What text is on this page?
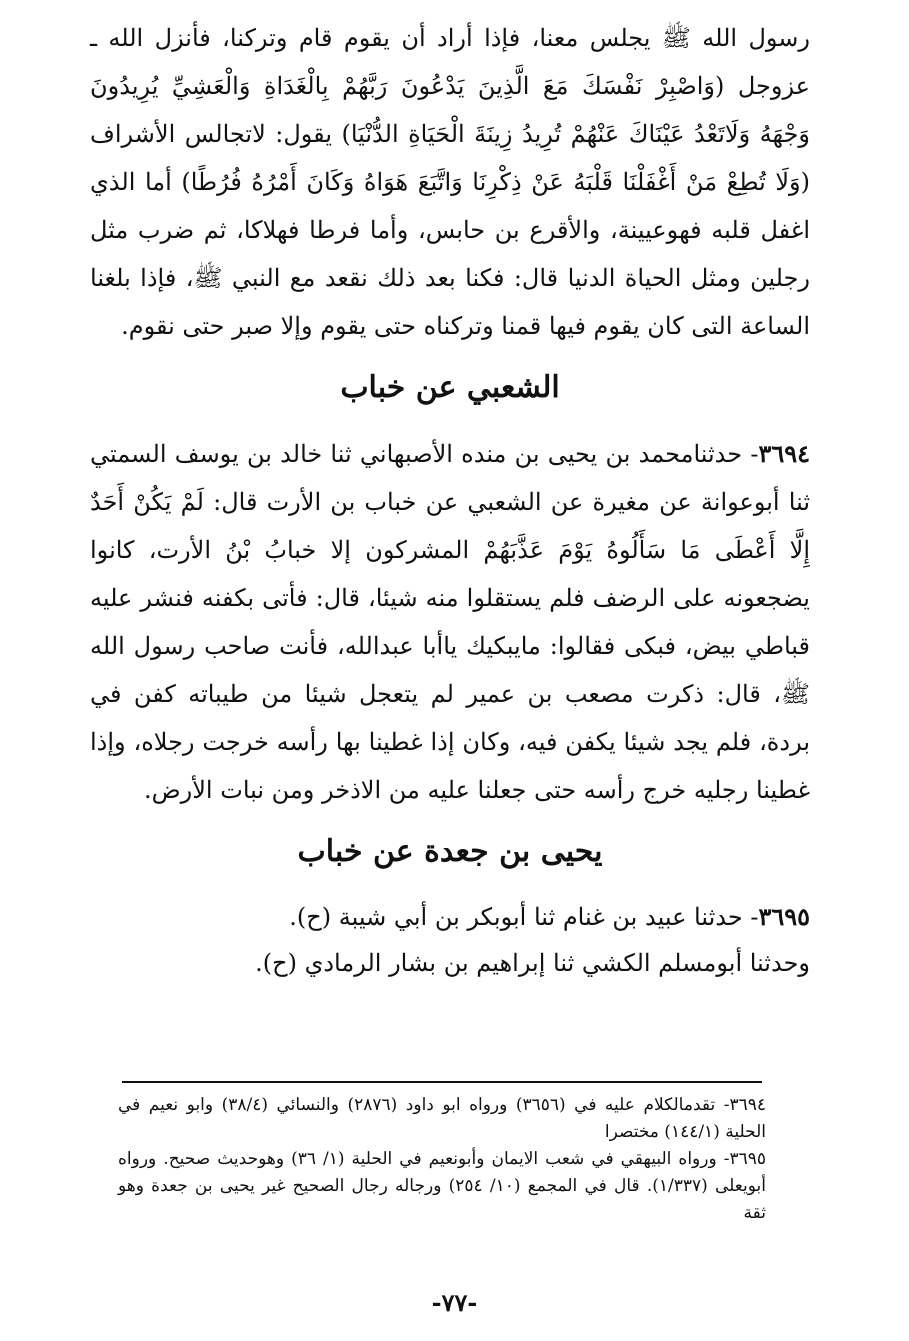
رسول الله ﷺ يجلس معنا، فإذا أراد أن يقوم قام وتركنا، فأنزل الله ـ عزوجل (وَاصْبِرْ نَفْسَكَ مَعَ الَّذِينَ يَدْعُونَ رَبَّهُمْ بِالْغَدَاةِ وَالْعَشِيِّ يُرِيدُونَ وَجْهَهُ وَلَاتَعْدُ عَيْنَاكَ عَنْهُمْ تُرِيدُ زِينَةَ الْحَيَاةِ الدُّنْيَا) يقول: لاتجالس الأشراف (وَلَا تُطِعْ مَنْ أَغْفَلْنَا قَلْبَهُ عَنْ ذِكْرِنَا وَاتَّبَعَ هَوَاهُ وَكَانَ أَمْرُهُ فُرُطًا) أما الذي اغفل قلبه فهوعيينة، والأقرع بن حابس، وأما فرطا فهلاكا، ثم ضرب مثل رجلين ومثل الحياة الدنيا قال: فكنا بعد ذلك نقعد مع النبي ﷺ، فإذا بلغنا الساعة التى كان يقوم فيها قمنا وتركناه حتى يقوم وإلا صبر حتى نقوم.

الشعبي عن خباب

٣٦٩٤- حدثنامحمد بن يحيى بن منده الأصبهاني ثنا خالد بن يوسف السمتي ثنا أبوعوانة عن مغيرة عن الشعبي عن خباب بن الأرت قال: لَمْ يَكُنْ أَحَدٌ إِلَّا أَعْطَى مَا سَأَلُوهُ يَوْمَ عَذَّبَهُمْ المشركون إلا خبابُ بْنُ الأرت، كانوا يضجعونه على الرضف فلم يستقلوا منه شيئا، قال: فأتى بكفنه فنشر عليه قباطي بيض، فبكى فقالوا: مايبكيك ياأبا عبدالله، فأنت صاحب رسول الله ﷺ، قال: ذكرت مصعب بن عمير لم يتعجل شيئا من طيباته كفن في بردة، فلم يجد شيئا يكفن فيه، وكان إذا غطينا بها رأسه خرجت رجلاه، وإذا غطينا رجليه خرج رأسه حتى جعلنا عليه من الاذخر ومن نبات الأرض.

يحيى بن جعدة عن خباب

٣٦٩٥- حدثنا عبيد بن غنام ثنا أبوبكر بن أبي شيبة (ح).

وحدثنا أبومسلم الكشي ثنا إبراهيم بن بشار الرمادي (ح).

٣٦٩٤- تقدمالكلام عليه في (٣٦٥٦) ورواه ابو داود (٢٨٧٦) والنسائي (٣٨/٤) وابو نعيم في الحلية (١٤٤/١) مختصرا

٣٦٩٥- ورواه البيهقي في شعب الايمان وأبونعيم في الحلية (١/ ٣٦) وهوحديث صحيح. ورواه أبويعلى (١/٣٣٧). قال في المجمع (١٠/ ٢٥٤) ورجاله رجال الصحيح غير يحيى بن جعدة وهو ثقة

-٧٧-
